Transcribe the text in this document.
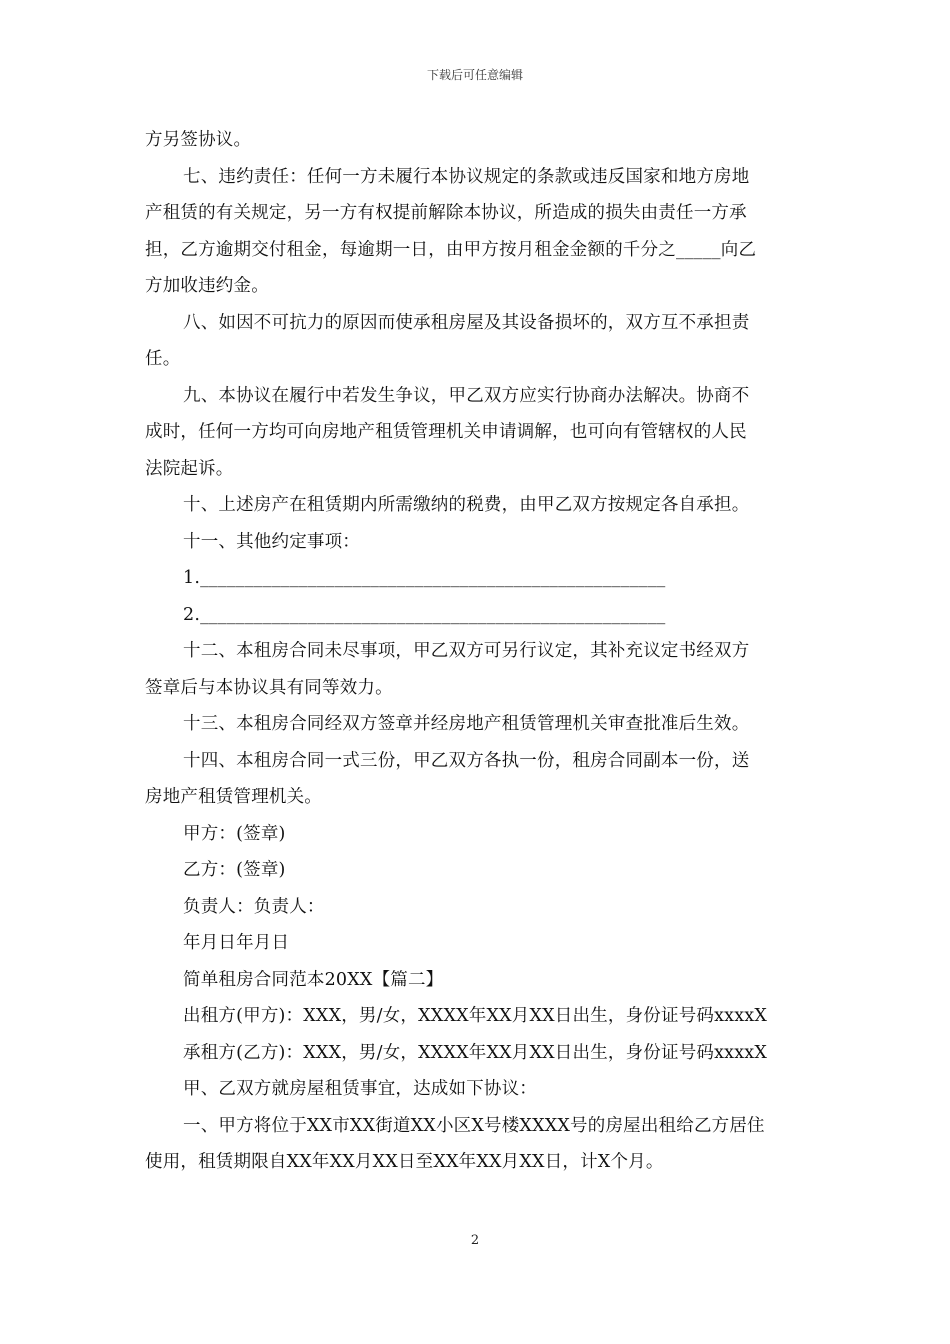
下载后可任意编辑
方另签协议。
七、违约责任：任何一方未履行本协议规定的条款或违反国家和地方房地
产租赁的有关规定，另一方有权提前解除本协议，所造成的损失由责任一方承
担，乙方逾期交付租金，每逾期一日，由甲方按月租金金额的千分之_____向乙
方加收违约金。
八、如因不可抗力的原因而使承租房屋及其设备损坏的，双方互不承担责
任。
九、本协议在履行中若发生争议，甲乙双方应实行协商办法解决。协商不
成时，任何一方均可向房地产租赁管理机关申请调解，也可向有管辖权的人民
法院起诉。
十、上述房产在租赁期内所需缴纳的税费，由甲乙双方按规定各自承担。
十一、其他约定事项：
1.____________________________________________________
2.____________________________________________________
十二、本租房合同未尽事项，甲乙双方可另行议定，其补充议定书经双方
签章后与本协议具有同等效力。
十三、本租房合同经双方签章并经房地产租赁管理机关审查批准后生效。
十四、本租房合同一式三份，甲乙双方各执一份，租房合同副本一份，送
房地产租赁管理机关。
甲方：(签章)
乙方：(签章)
负责人：负责人：
年月日年月日
简单租房合同范本20XX【篇二】
出租方(甲方)：XXX，男/女，XXXX年XX月XX日出生，身份证号码xxxxX
承租方(乙方)：XXX，男/女，XXXX年XX月XX日出生，身份证号码xxxxX
甲、乙双方就房屋租赁事宜，达成如下协议：
一、甲方将位于XX市XX街道XX小区X号楼XXXX号的房屋出租给乙方居住
使用，租赁期限自XX年XX月XX日至XX年XX月XX日，计X个月。
2
